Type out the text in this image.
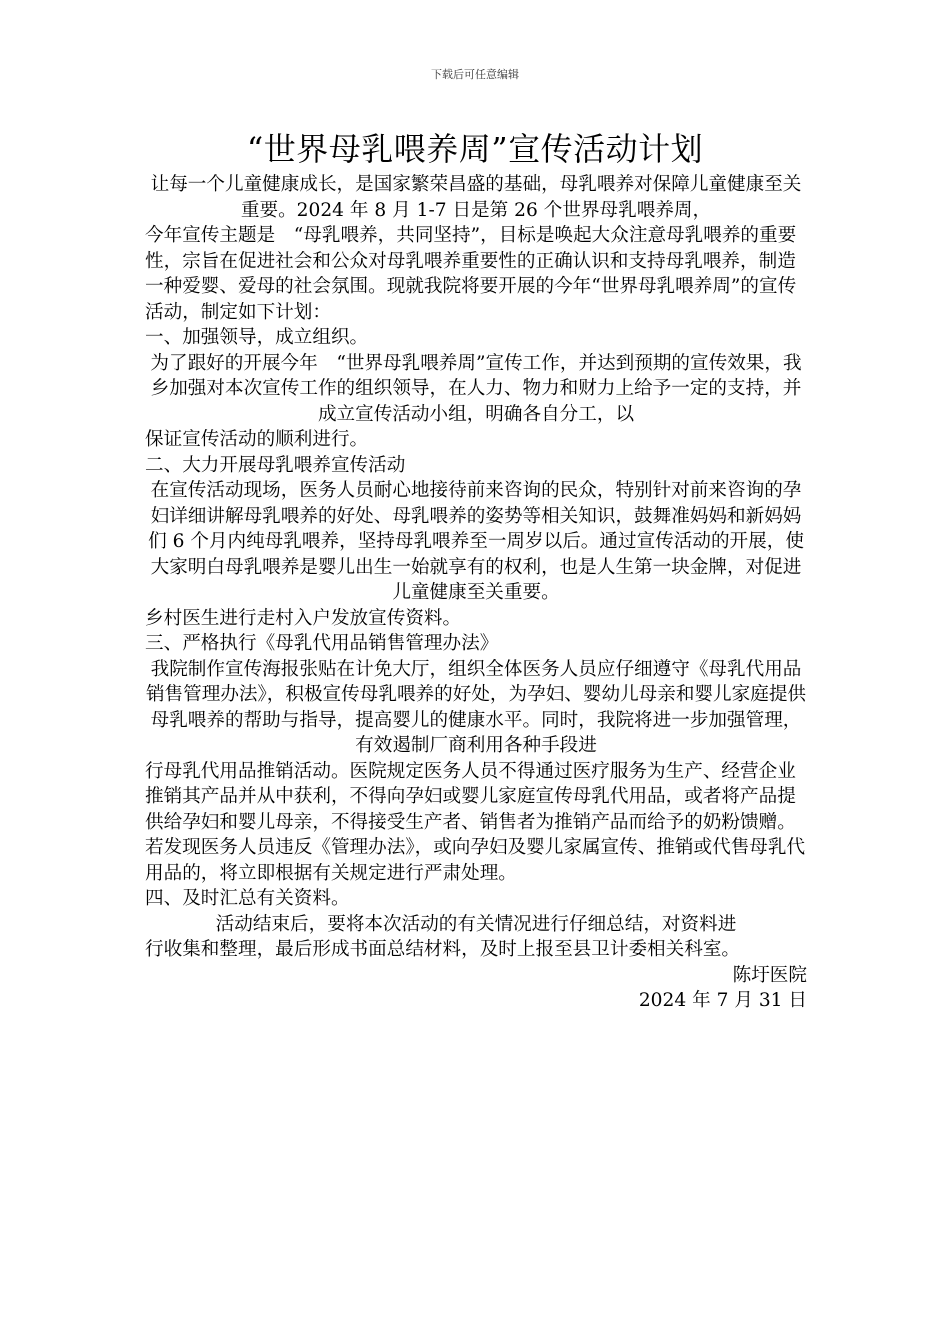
下载后可任意编辑
“世界母乳喂养周”宣传活动计划

让每一个儿童健康成长，是国家繁荣昌盛的基础，母乳喂养对保障儿童健康至关重要。2024 年 8 月 1-7 日是第 26 个世界母乳喂养周，

今年宣传主题是　“母乳喂养，共同坚持”，目标是唤起大众注意母乳喂养的重要性，宗旨在促进社会和公众对母乳喂养重要性的正确认识和支持母乳喂养，制造一种爱婴、爱母的社会氛围。现就我院将要开展的今年“世界母乳喂养周”的宣传活动，制定如下计划：

一、加强领导，成立组织。

为了跟好的开展今年　“世界母乳喂养周”宣传工作，并达到预期的宣传效果，我乡加强对本次宣传工作的组织领导，在人力、物力和财力上给予一定的支持，并成立宣传活动小组，明确各自分工，以

保证宣传活动的顺利进行。

二、大力开展母乳喂养宣传活动

在宣传活动现场，医务人员耐心地接待前来咨询的民众，特别针对前来咨询的孕妇详细讲解母乳喂养的好处、母乳喂养的姿势等相关知识，鼓舞准妈妈和新妈妈们 6 个月内纯母乳喂养，坚持母乳喂养至一周岁以后。通过宣传活动的开展，使大家明白母乳喂养是婴儿出生一始就享有的权利，也是人生第一块金牌，对促进儿童健康至关重要。

乡村医生进行走村入户发放宣传资料。

三、严格执行《母乳代用品销售管理办法》

我院制作宣传海报张贴在计免大厅，组织全体医务人员应仔细遵守《母乳代用品销售管理办法》，积极宣传母乳喂养的好处，为孕妇、婴幼儿母亲和婴儿家庭提供母乳喂养的帮助与指导，提高婴儿的健康水平。同时，我院将进一步加强管理，有效遏制厂商利用各种手段进

行母乳代用品推销活动。医院规定医务人员不得通过医疗服务为生产、经营企业推销其产品并从中获利，不得向孕妇或婴儿家庭宣传母乳代用品，或者将产品提供给孕妇和婴儿母亲，不得接受生产者、销售者为推销产品而给予的奶粉馈赠。若发现医务人员违反《管理办法》，或向孕妇及婴儿家属宣传、推销或代售母乳代用品的，将立即根据有关规定进行严肃处理。

四、及时汇总有关资料。

活动结束后，要将本次活动的有关情况进行仔细总结，对资料进

行收集和整理，最后形成书面总结材料，及时上报至县卫计委相关科室。

陈圩医院

2024 年 7 月 31 日
